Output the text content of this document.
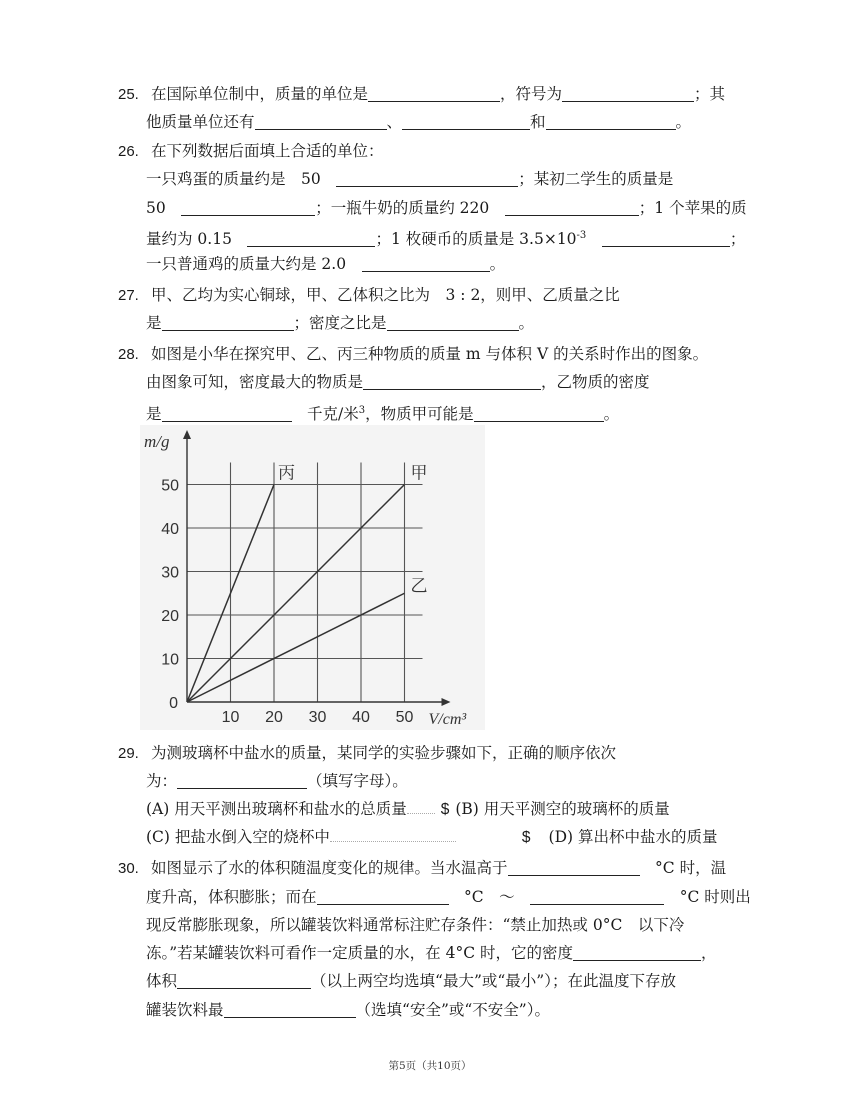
25. 在国际单位制中，质量的单位是	，符号为	；其
他质量单位还有	、	和	。
26. 在下列数据后面填上合适的单位：
一只鸡蛋的质量约是　50　	；某初二学生的质量是
50　	；一瓶牛奶的质量约 220　	；1 个苹果的质
量约为 0.15　	；1 枚硬币的质量是 $3.5\times 10^{-3}$　	；
一只普通鸡的质量大约是 2.0　	。
27. 甲、乙均为实心铜球，甲、乙体积之比为　3 : 2，则甲、乙质量之比
是	；密度之比是	。
28. 如图是小华在探究甲、乙、丙三种物质的质量 m 与体积 V 的关系时作出的图象。
由图象可知，密度最大的物质是	，乙物质的密度
是　	千克/米$^3$，物质甲可能是	。
10 20 30 40 50
10
20
30
40
50
0
m/g
V/cm³
丙	甲
乙
29. 为测玻璃杯中盐水的质量，某同学的实验步骤如下，正确的顺序依次
为：	（填写字母）。
(A) 用天平测出玻璃杯和盐水的总质量 $ (B) 用天平测空的玻璃杯的质量
(C) 把盐水倒入空的烧杯中	$ (D) 算出杯中盐水的质量
30. 如图显示了水的体积随温度变化的规律。当水温高于　	°C 时，温
度升高，体积膨胀；而在　	°C　～　　	°C 时则出
现反常膨胀现象，所以罐装饮料通常标注贮存条件：“禁止加热或 0°C　以下冷
冻。”若某罐装饮料可看作一定质量的水，在 4°C 时，它的密度	，
体积	（以上两空均选填“最大”或“最小”）；在此温度下存放
罐装饮料最	（选填“安全”或“不安全”）。
第5页（共10页）
